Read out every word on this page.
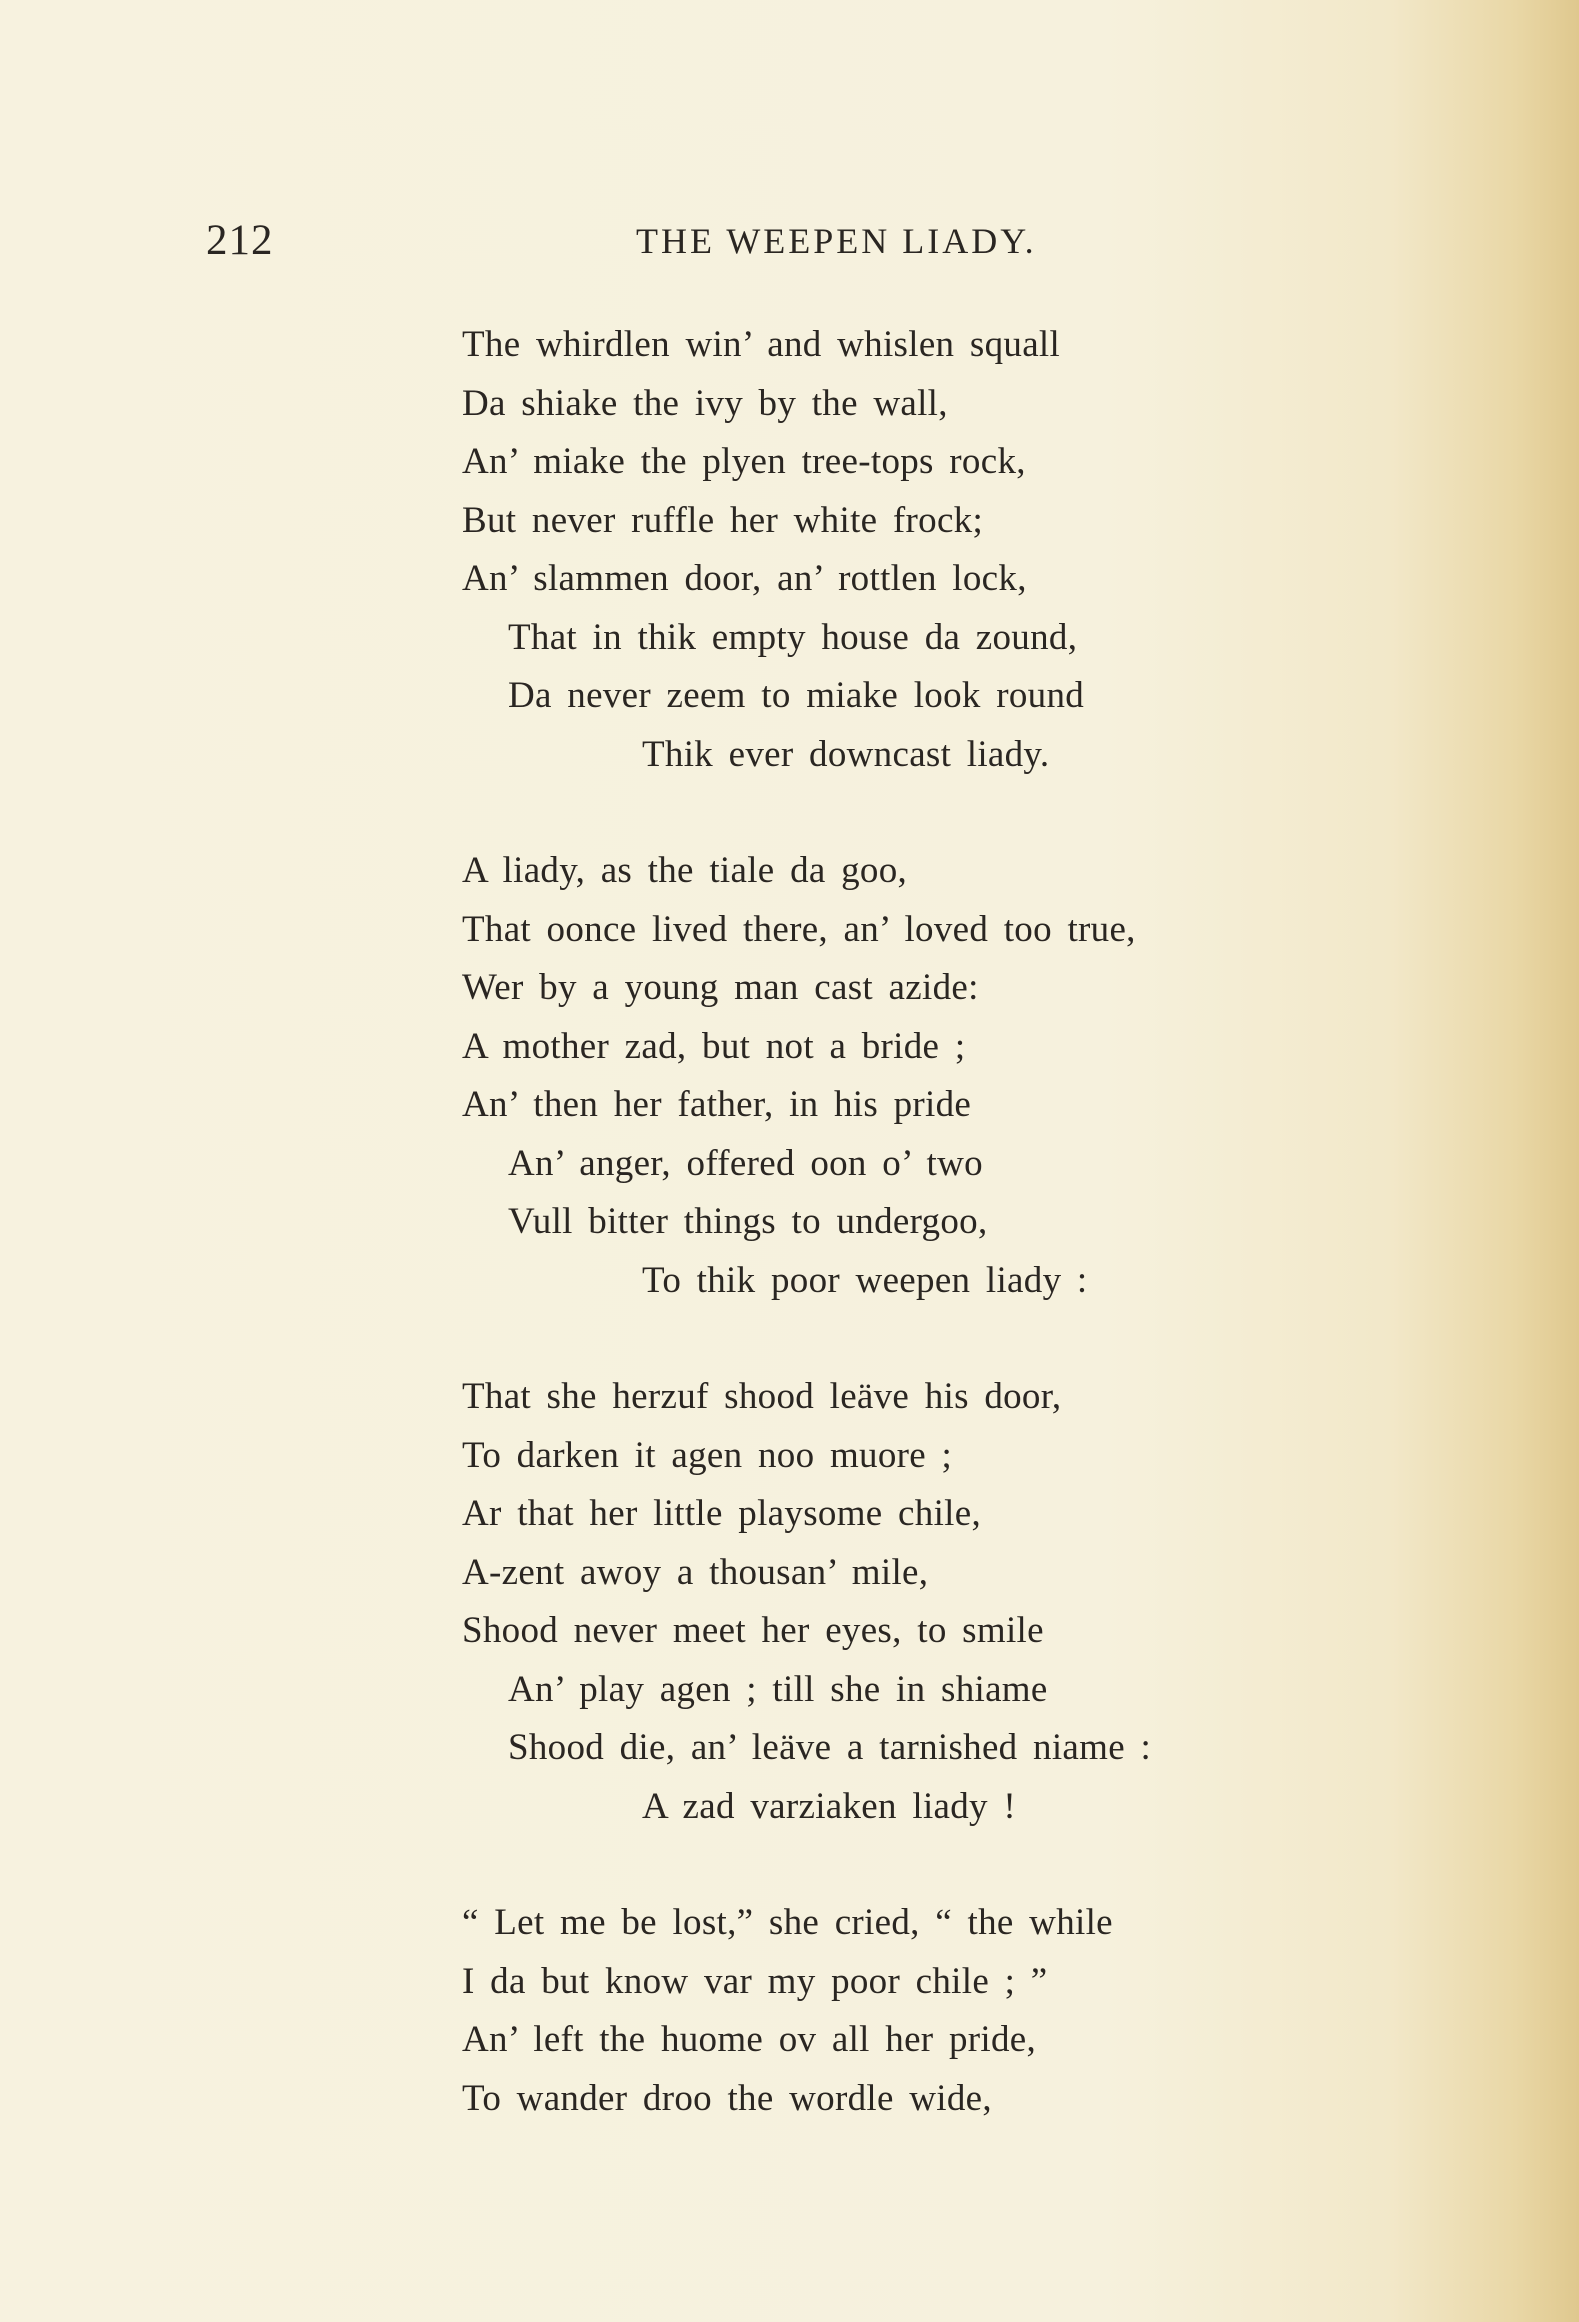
212	THE WEEPEN LIADY.
The whirdlen win’ and whislen squall
Da shiake the ivy by the wall,
An’ miake the plyen tree-tops rock,
But never ruffle her white frock;
An’ slammen door, an’ rottlen lock,
That in thik empty house da zound,
Da never zeem to miake look round
Thik ever downcast liady.
A liady, as the tiale da goo,
That oonce lived there, an’ loved too true,
Wer by a young man cast azide:
A mother zad, but not a bride ;
An’ then her father, in his pride
An’ anger, offered oon o’ two
Vull bitter things to undergoo,
To thik poor weepen liady :
That she herzuf shood leäve his door,
To darken it agen noo muore ;
Ar that her little playsome chile,
A-zent awoy a thousan’ mile,
Shood never meet her eyes, to smile
An’ play agen ; till she in shiame
Shood die, an’ leäve a tarnished niame :
A zad varziaken liady !
“ Let me be lost,” she cried, “ the while
I da but know var my poor chile ; ”
An’ left the huome ov all her pride,
To wander droo the wordle wide,
